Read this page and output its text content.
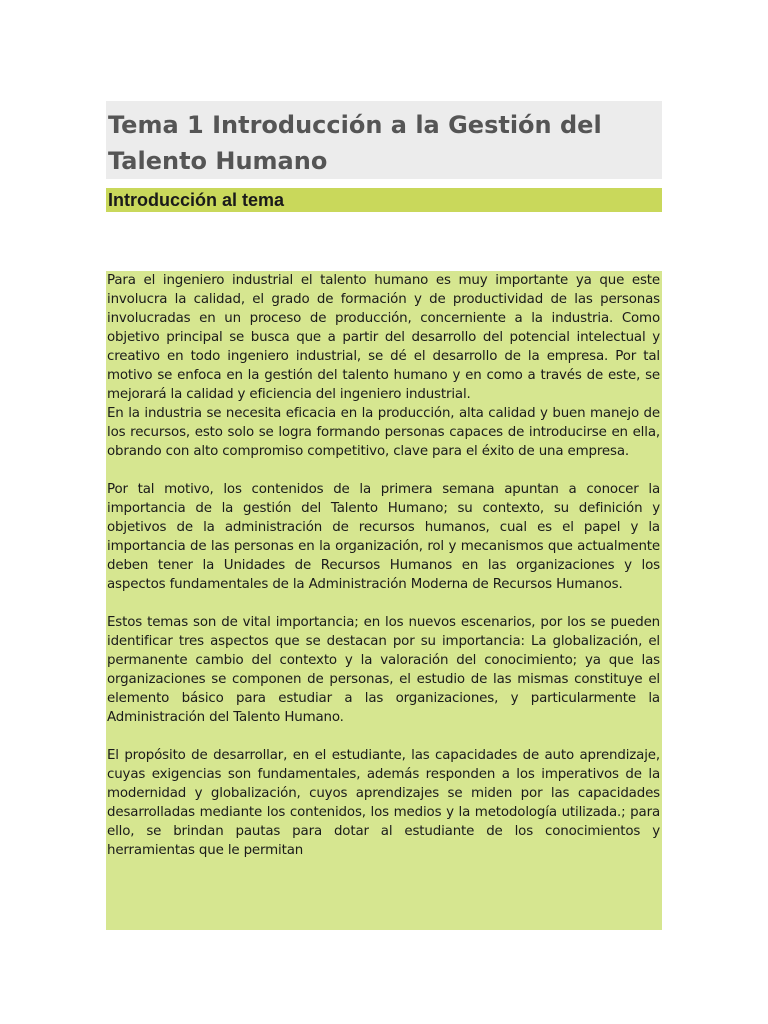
Tema 1 Introducción a la Gestión del Talento Humano
Introducción al tema

Para el ingeniero industrial el talento humano es muy importante ya que este involucra la calidad, el grado de formación y de productividad de las personas involucradas en un proceso de producción, concerniente a la industria. Como objetivo principal se busca que a partir del desarrollo del potencial intelectual y creativo en todo ingeniero industrial, se dé el desarrollo de la empresa. Por tal motivo se enfoca en la gestión del talento humano y en como a través de este, se mejorará la calidad y eficiencia del ingeniero industrial.

En la industria se necesita eficacia en la producción, alta calidad y buen manejo de los recursos, esto solo se logra formando personas capaces de introducirse en ella, obrando con alto compromiso competitivo, clave para el éxito de una empresa.

Por tal motivo, los contenidos de la primera semana apuntan a conocer la importancia de la gestión del Talento Humano; su contexto, su definición y objetivos de la administración de recursos humanos, cual es el papel y la importancia de las personas en la organización, rol y mecanismos que actualmente deben tener la Unidades de Recursos Humanos en las organizaciones y los aspectos fundamentales de la Administración Moderna de Recursos Humanos.

Estos temas son de vital importancia; en los nuevos escenarios, por los se pueden identificar tres aspectos que se destacan por su importancia: La globalización, el permanente cambio del contexto y la valoración del conocimiento; ya que las organizaciones se componen de personas, el estudio de las mismas constituye el elemento básico para estudiar a las organizaciones, y particularmente la Administración del Talento Humano.

El propósito de desarrollar, en el estudiante, las capacidades de auto aprendizaje, cuyas exigencias son fundamentales, además responden a los imperativos de la modernidad y globalización, cuyos aprendizajes se miden por las capacidades desarrolladas mediante los contenidos, los medios y la metodología utilizada.; para ello, se brindan pautas para dotar al estudiante de los conocimientos y herramientas que le permitan
